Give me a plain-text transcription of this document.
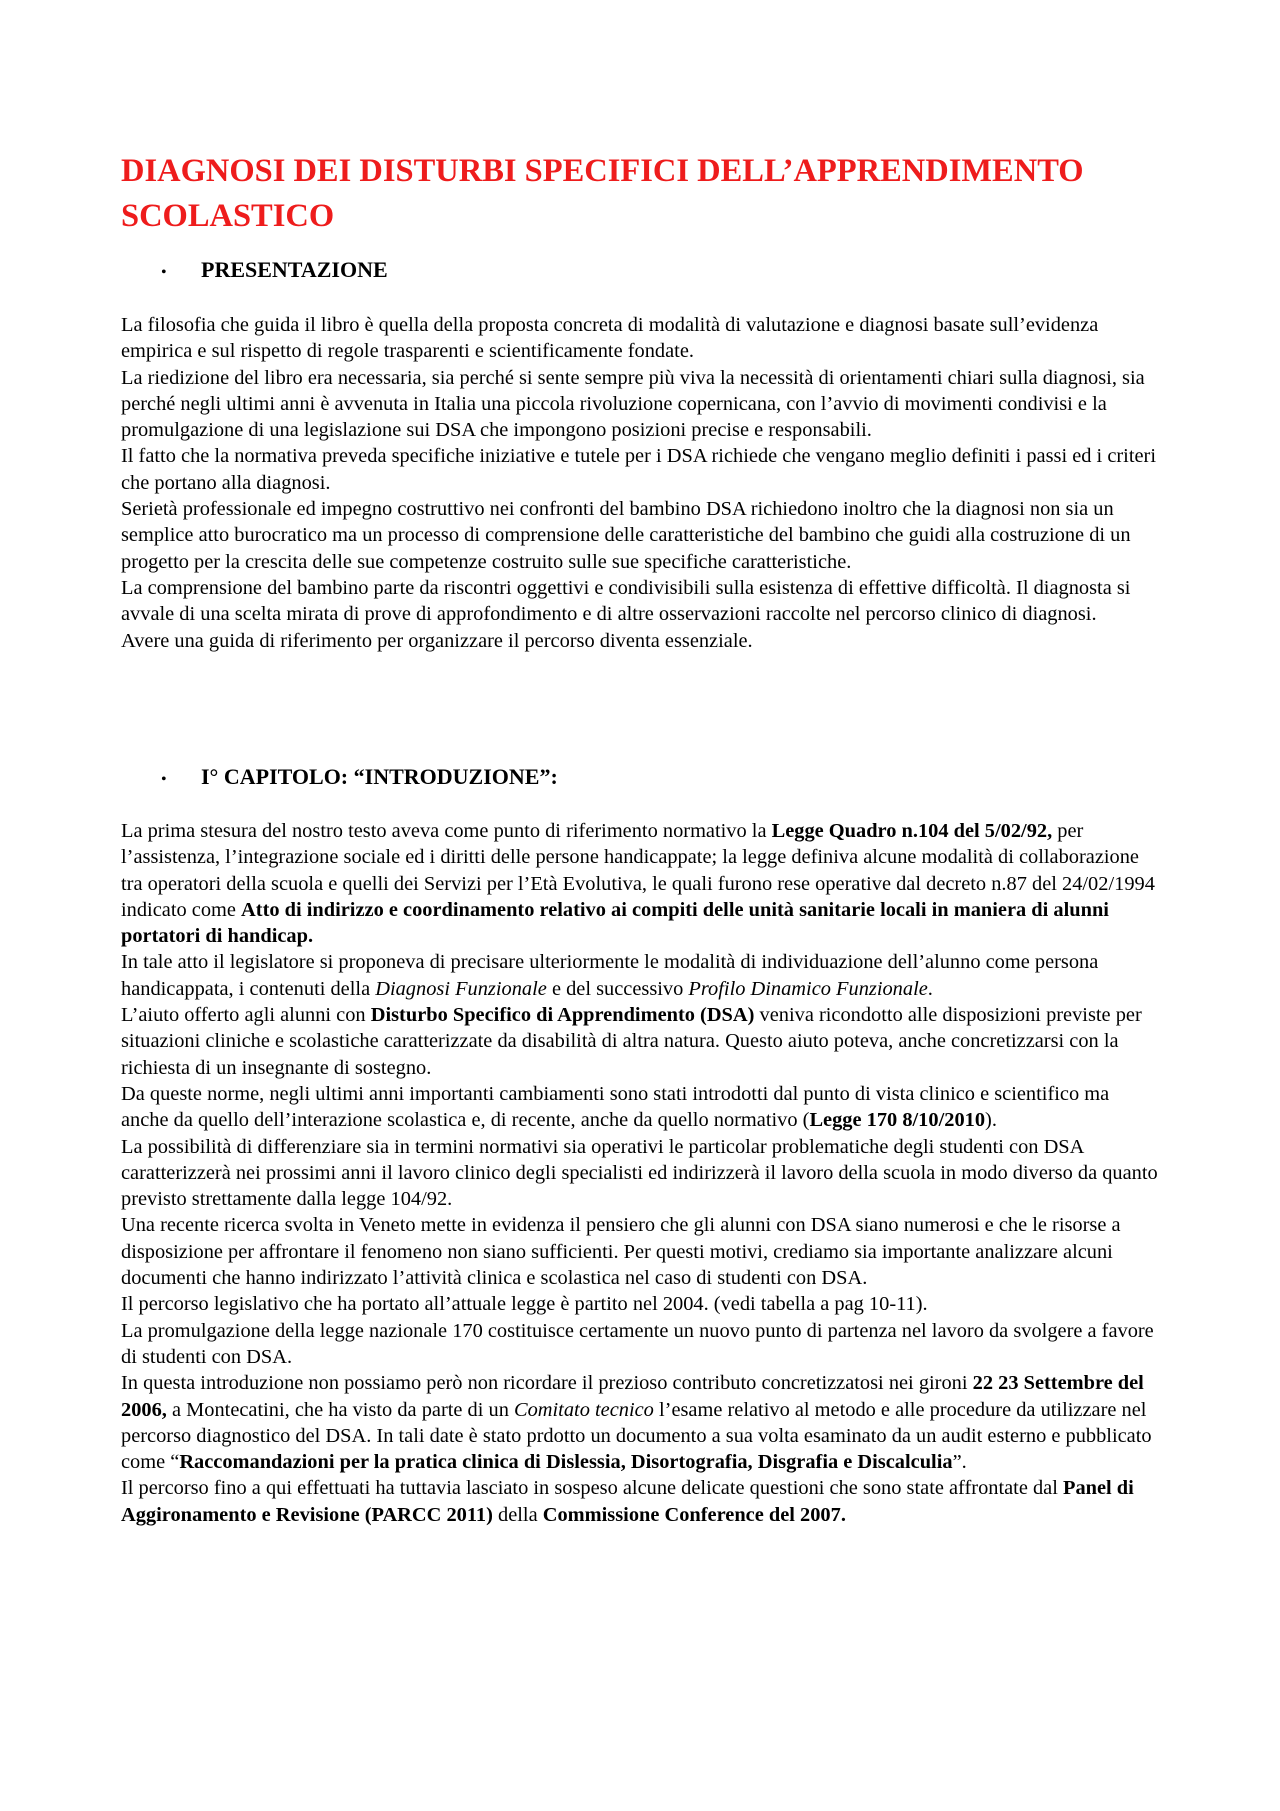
DIAGNOSI DEI DISTURBI SPECIFICI DELL’APPRENDIMENTO SCOLASTICO
•	PRESENTAZIONE

La filosofia che guida il libro è quella della proposta concreta di modalità di valutazione e diagnosi basate sull’evidenza empirica e sul rispetto di regole trasparenti e scientificamente fondate.

La riedizione del libro era necessaria, sia perché si sente sempre più viva la necessità di orientamenti chiari sulla diagnosi, sia perché negli ultimi anni è avvenuta in Italia una piccola rivoluzione copernicana, con l’avvio di movimenti condivisi e la promulgazione di una legislazione sui DSA che impongono posizioni precise e responsabili.

Il fatto che la normativa preveda specifiche iniziative e tutele per i DSA richiede che vengano meglio definiti i passi ed i criteri che portano alla diagnosi.

Serietà professionale ed impegno costruttivo nei confronti del bambino DSA richiedono inoltro che la diagnosi non sia un semplice atto burocratico ma un processo di comprensione delle caratteristiche del bambino che guidi alla costruzione di un progetto per la crescita delle sue competenze costruito sulle sue specifiche caratteristiche.

La comprensione del bambino parte da riscontri oggettivi e condivisibili sulla esistenza di effettive difficoltà. Il diagnosta si avvale di una scelta mirata di prove di approfondimento e di altre osservazioni raccolte nel percorso clinico di diagnosi.

Avere una guida di riferimento per organizzare il percorso diventa essenziale.

•	I° CAPITOLO: “INTRODUZIONE”:

La prima stesura del nostro testo aveva come punto di riferimento normativo la Legge Quadro n.104 del 5/02/92, per l’assistenza, l’integrazione sociale ed i diritti delle persone handicappate; la legge definiva alcune modalità di collaborazione tra operatori della scuola e quelli dei Servizi per l’Età Evolutiva, le quali furono rese operative dal decreto n.87 del 24/02/1994 indicato come Atto di indirizzo e coordinamento relativo ai compiti delle unità sanitarie locali in maniera di alunni portatori di handicap.

In tale atto il legislatore si proponeva di precisare ulteriormente le modalità di individuazione dell’alunno come persona handicappata, i contenuti della Diagnosi Funzionale e del successivo Profilo Dinamico Funzionale.

L’aiuto offerto agli alunni con Disturbo Specifico di Apprendimento (DSA) veniva ricondotto alle disposizioni previste per situazioni cliniche e scolastiche caratterizzate da disabilità di altra natura. Questo aiuto poteva, anche concretizzarsi con la richiesta di un insegnante di sostegno.

Da queste norme, negli ultimi anni importanti cambiamenti sono stati introdotti dal punto di vista clinico e scientifico ma anche da quello dell’interazione scolastica e, di recente, anche da quello normativo (Legge 170 8/10/2010).

La possibilità di differenziare sia in termini normativi sia operativi le particolar problematiche degli studenti con DSA caratterizzerà nei prossimi anni il lavoro clinico degli specialisti ed indirizzerà il lavoro della scuola in modo diverso da quanto previsto strettamente dalla legge 104/92.

Una recente ricerca svolta in Veneto mette in evidenza il pensiero che gli alunni con DSA siano numerosi e che le risorse a disposizione per affrontare il fenomeno non siano sufficienti. Per questi motivi, crediamo sia importante analizzare alcuni documenti che hanno indirizzato l’attività clinica e scolastica nel caso di studenti con DSA.

Il percorso legislativo che ha portato all’attuale legge è partito nel 2004. (vedi tabella a pag 10-11).

La promulgazione della legge nazionale 170 costituisce certamente un nuovo punto di partenza nel lavoro da svolgere a favore di studenti con DSA.

In questa introduzione non possiamo però non ricordare il prezioso contributo concretizzatosi nei gironi 22 23 Settembre del 2006, a Montecatini, che ha visto da parte di un Comitato tecnico l’esame relativo al metodo e alle procedure da utilizzare nel percorso diagnostico del DSA. In tali date è stato prdotto un documento a sua volta esaminato da un audit esterno e pubblicato come “Raccomandazioni per la pratica clinica di Dislessia, Disortografia, Disgrafia e Discalculia”.

Il percorso fino a qui effettuati ha tuttavia lasciato in sospeso alcune delicate questioni che sono state affrontate dal Panel di Aggironamento e Revisione (PARCC 2011) della Commissione Conference del 2007.
